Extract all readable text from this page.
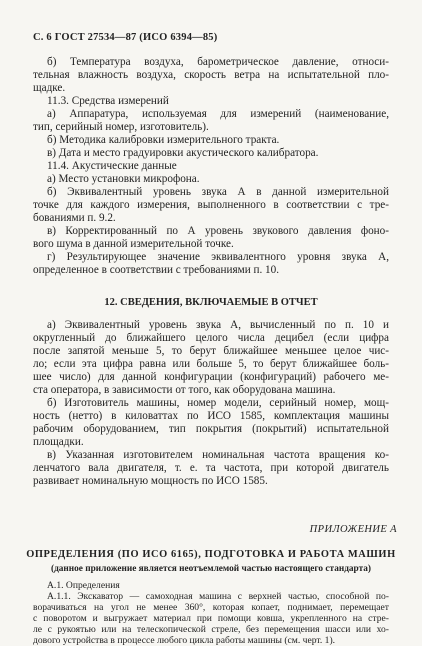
С. 6 ГОСТ 27534—87 (ИСО 6394—85)
б) Температура воздуха, барометрическое давление, относи-
тельная влажность воздуха, скорость ветра на испытательной пло-
щадке.
11.3. Средства измерений
а) Аппаратура, используемая для измерений (наименование,
тип, серийный номер, изготовитель).
б) Методика калибровки измерительного тракта.
в) Дата и место градуировки акустического калибратора.
11.4. Акустические данные
а) Место установки микрофона.
б) Эквивалентный уровень звука А в данной измерительной
точке для каждого измерения, выполненного в соответствии с тре-
бованиями п. 9.2.
в) Корректированный по А уровень звукового давления фоно-
вого шума в данной измерительной точке.
г) Результирующее значение эквивалентного уровня звука А,
определенное в соответствии с требованиями п. 10.
12. СВЕДЕНИЯ, ВКЛЮЧАЕМЫЕ В ОТЧЕТ
а) Эквивалентный уровень звука А, вычисленный по п. 10 и
округленный до ближайшего целого числа децибел (если цифра
после запятой меньше 5, то берут ближайшее меньшее целое чис-
ло; если эта цифра равна или больше 5, то берут ближайшее боль-
шее число) для данной конфигурации (конфигураций) рабочего ме-
ста оператора, в зависимости от того, как оборудована машина.
б) Изготовитель машины, номер модели, серийный номер, мощ-
ность (нетто) в киловаттах по ИСО 1585, комплектация машины
рабочим оборудованием, тип покрытия (покрытий) испытательной
площадки.
в) Указанная изготовителем номинальная частота вращения ко-
ленчатого вала двигателя, т. е. та частота, при которой двигатель
развивает номинальную мощность по ИСО 1585.
ПРИЛОЖЕНИЕ А
ОПРЕДЕЛЕНИЯ (ПО ИСО 6165), ПОДГОТОВКА И РАБОТА МАШИН
(данное приложение является неотъемлемой частью настоящего стандарта)
А.1. Определения
А.1.1. Экскаватор — самоходная машина с верхней частью, способной по-
ворачиваться на угол не менее 360°, которая копает, поднимает, перемещает
с поворотом и выгружает материал при помощи ковша, укрепленного на стре-
ле с рукоятью или на телескопической стреле, без перемещения шасси или хо-
дового устройства в процессе любого цикла работы машины (см. черт. 1).
